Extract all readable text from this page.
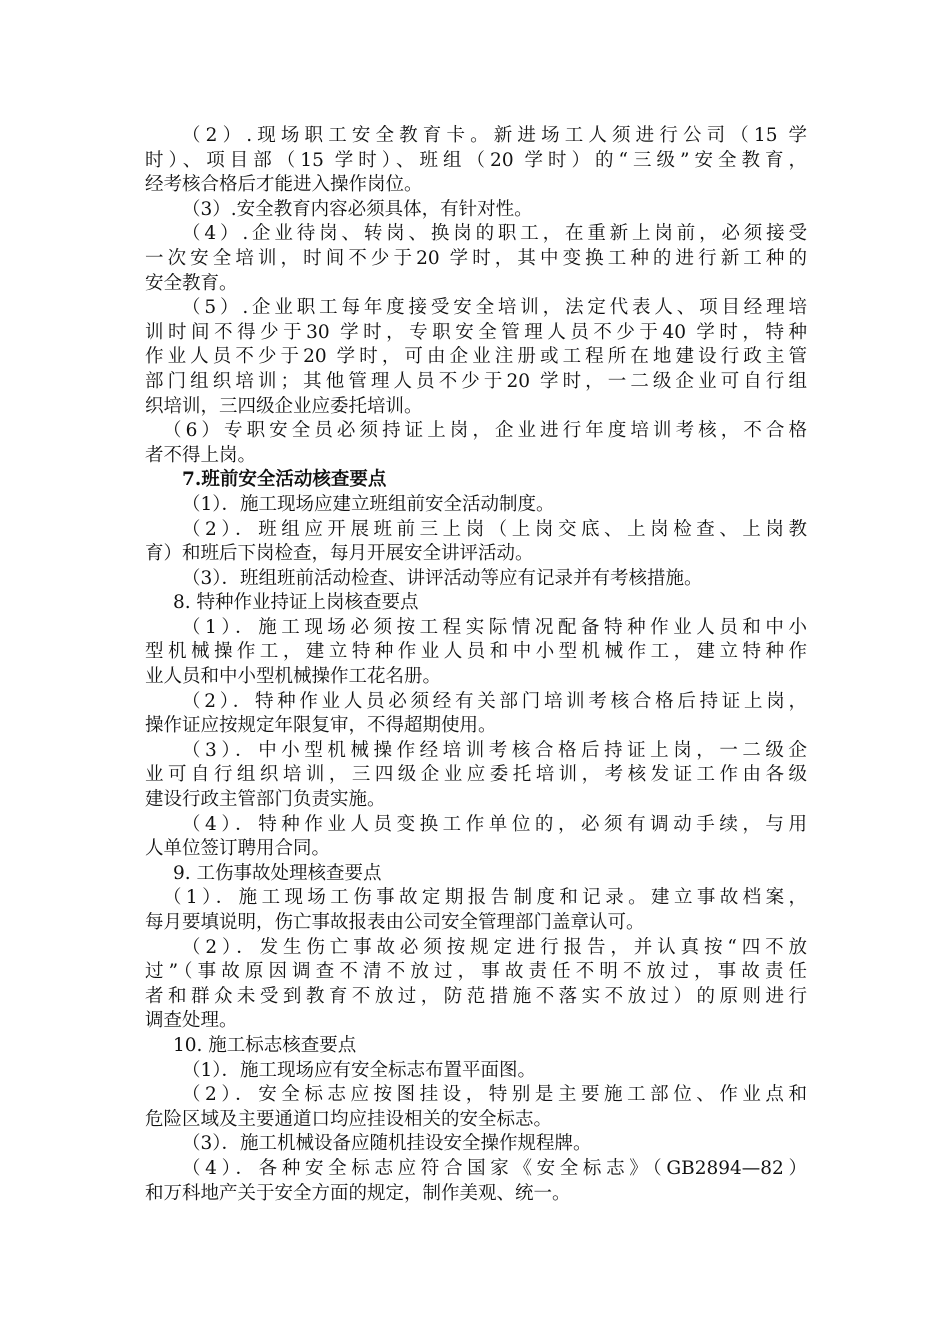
（2）.现场职工安全教育卡。新进场工人须进行公司（15 学
时）、项目部（15 学时）、班组（20 学时）的“三级”安全教育，
经考核合格后才能进入操作岗位。
（3）.安全教育内容必须具体，有针对性。
（4）.企业待岗、转岗、换岗的职工，在重新上岗前，必须接受
一次安全培训，时间不少于20 学时，其中变换工种的进行新工种的
安全教育。
（5）.企业职工每年度接受安全培训，法定代表人、项目经理培
训时间不得少于30 学时，专职安全管理人员不少于40 学时，特种
作业人员不少于20 学时，可由企业注册或工程所在地建设行政主管
部门组织培训；其他管理人员不少于20 学时，一二级企业可自行组
织培训，三四级企业应委托培训。
（6）专职安全员必须持证上岗，企业进行年度培训考核，不合格
者不得上岗。
7.班前安全活动核查要点
（1）．施工现场应建立班组前安全活动制度。
（2）．班组应开展班前三上岗（上岗交底、上岗检查、上岗教
育）和班后下岗检查，每月开展安全讲评活动。
（3）．班组班前活动检查、讲评活动等应有记录并有考核措施。
8. 特种作业持证上岗核查要点
（1）．施工现场必须按工程实际情况配备特种作业人员和中小
型机械操作工，建立特种作业人员和中小型机械作工，建立特种作
业人员和中小型机械操作工花名册。
（2）．特种作业人员必须经有关部门培训考核合格后持证上岗，
操作证应按规定年限复审，不得超期使用。
（3）．中小型机械操作经培训考核合格后持证上岗，一二级企
业可自行组织培训，三四级企业应委托培训，考核发证工作由各级
建设行政主管部门负责实施。
（4）．特种作业人员变换工作单位的，必须有调动手续，与用
人单位签订聘用合同。
9. 工伤事故处理核查要点
（1）．施工现场工伤事故定期报告制度和记录。建立事故档案，
每月要填说明，伤亡事故报表由公司安全管理部门盖章认可。
（2）．发生伤亡事故必须按规定进行报告，并认真按“四不放
过”（事故原因调查不清不放过，事故责任不明不放过，事故责任
者和群众未受到教育不放过，防范措施不落实不放过）的原则进行
调查处理。
10. 施工标志核查要点
（1）．施工现场应有安全标志布置平面图。
（2）．安全标志应按图挂设，特别是主要施工部位、作业点和
危险区域及主要通道口均应挂设相关的安全标志。
（3）．施工机械设备应随机挂设安全操作规程牌。
（4）．各种安全标志应符合国家《安全标志》（GB2894—82）
和万科地产关于安全方面的规定，制作美观、统一。
